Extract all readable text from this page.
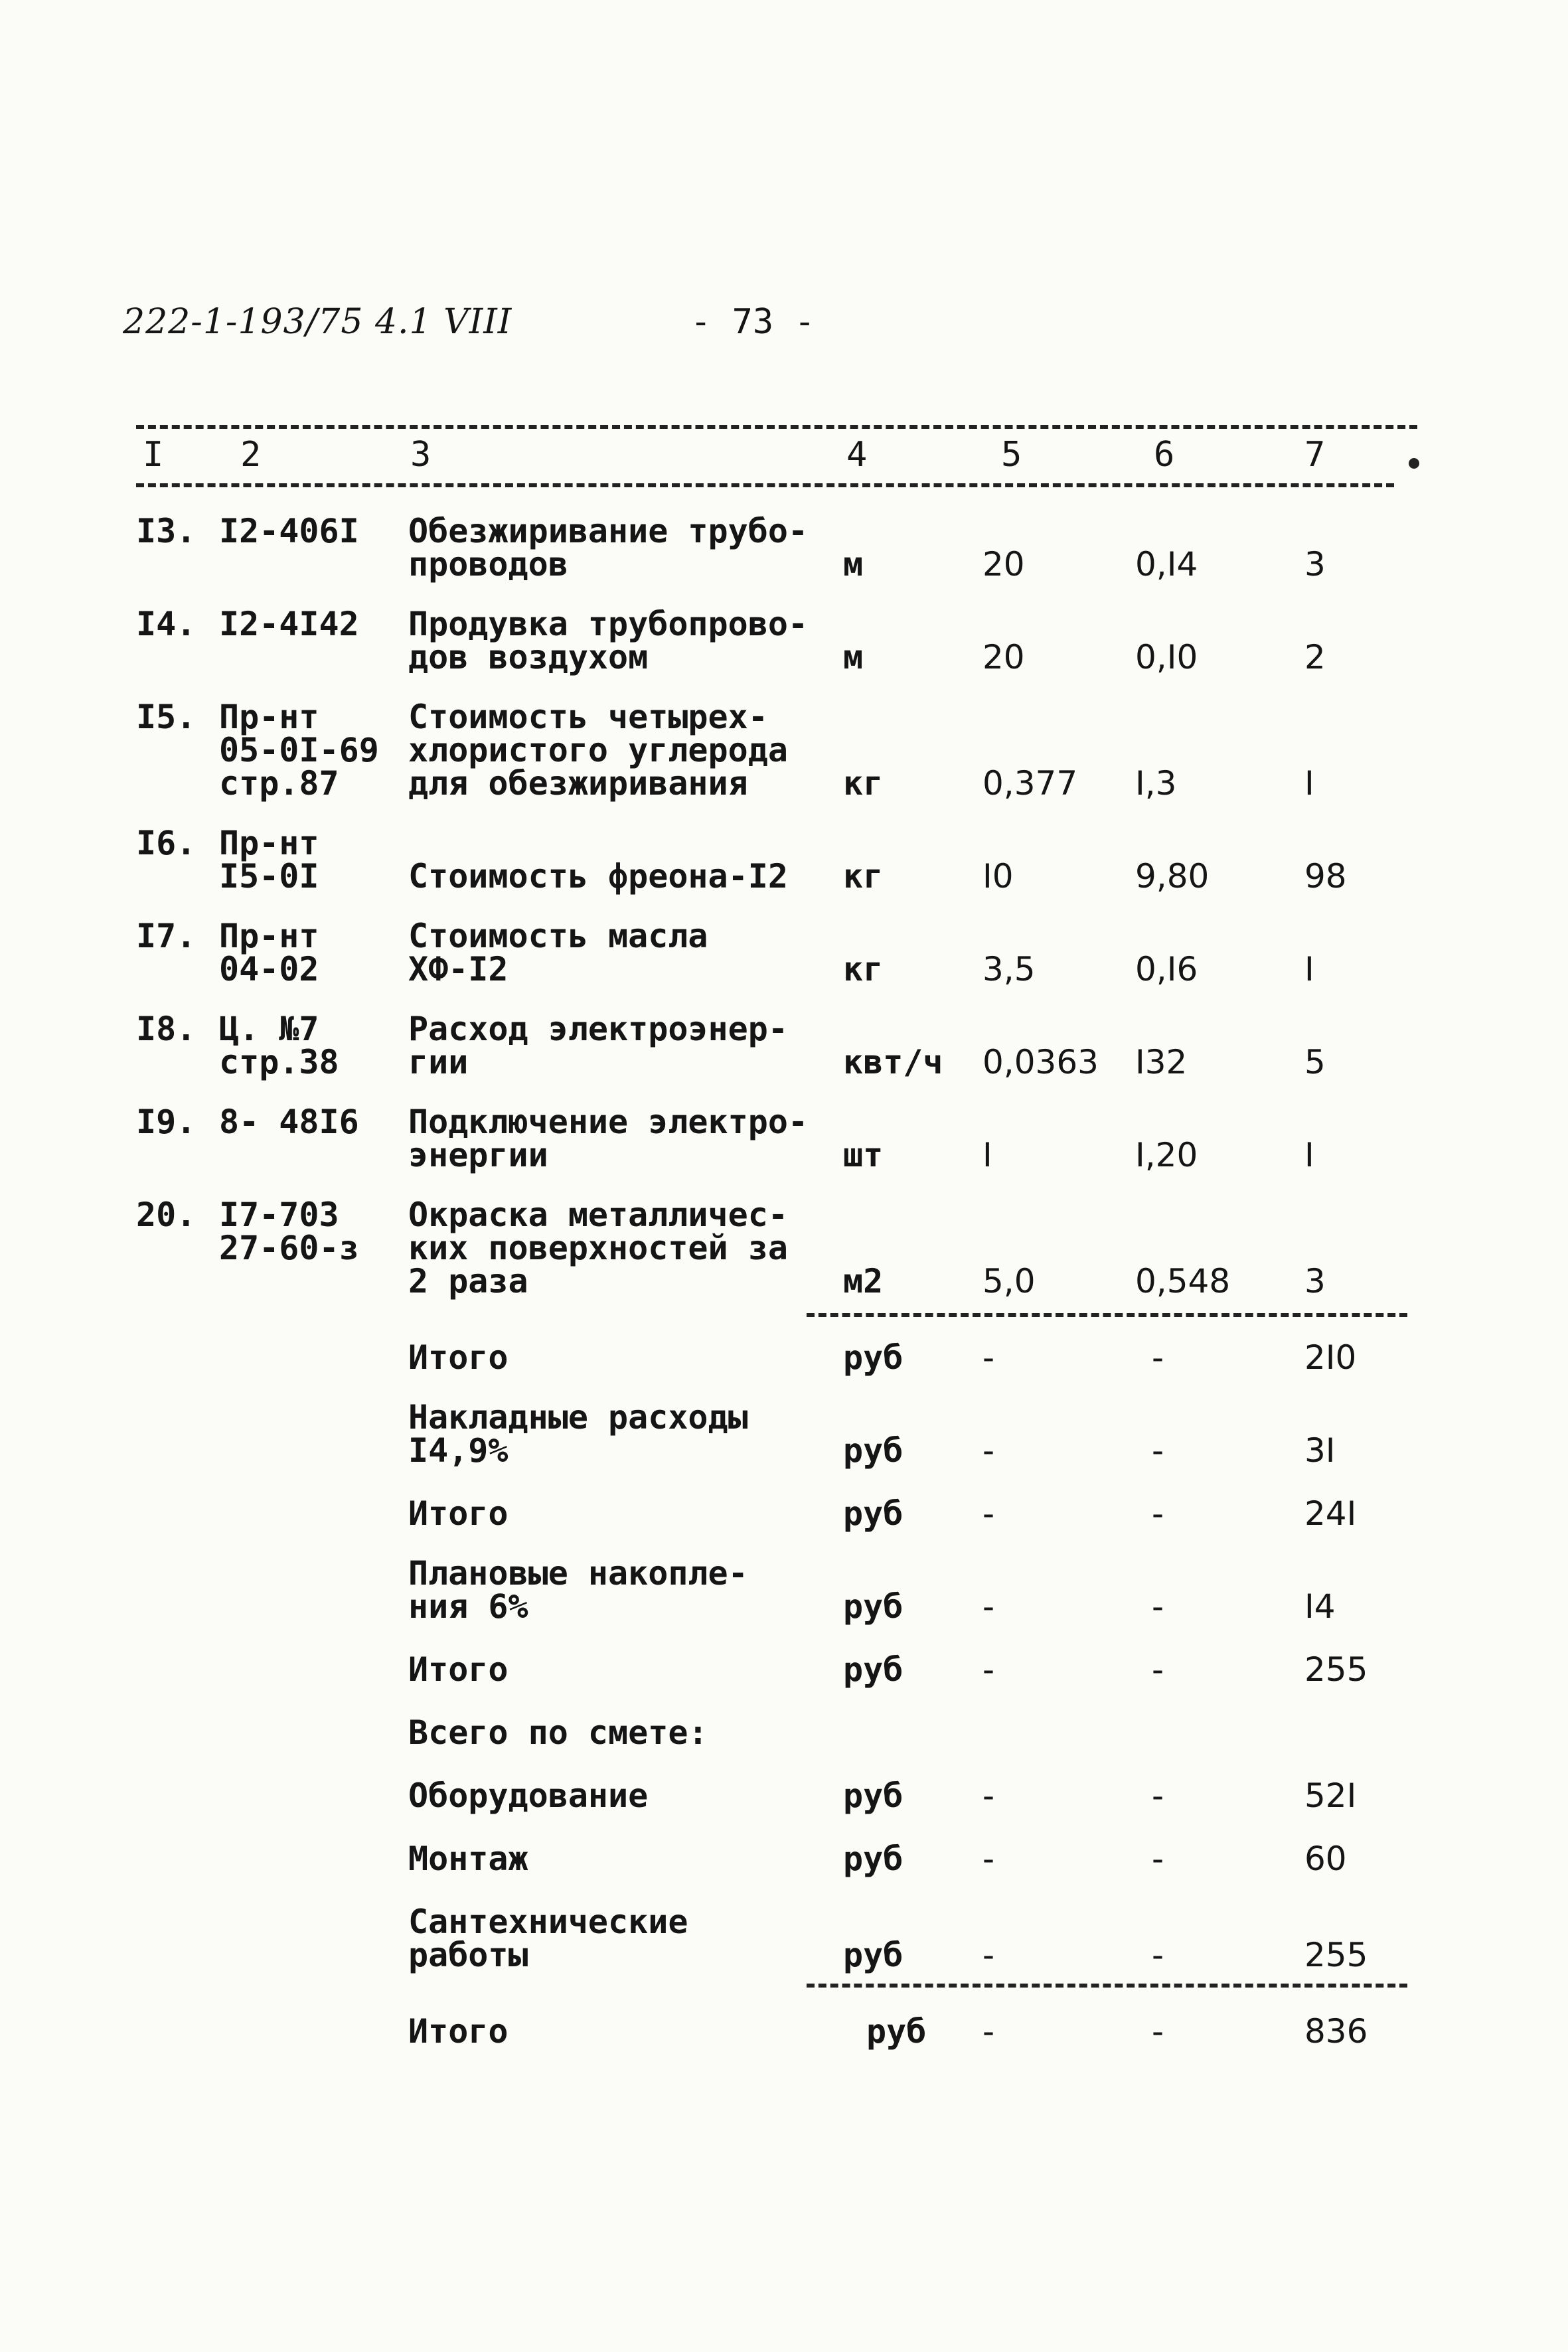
222-1-193/75 4.1 VIII	- 73 -
I 2	3	4	5	6	7
I3. I2-406I Обезжиривание трубо-
проводов	м	20	0,I4	3
I4. I2-4I42 Продувка трубопрово-
дов воздухом	м	20	0,I0	2
I5. Пр-нт
05-0I-69
стр.87
Стоимость четырех-
хлористого углерода
для обезжиривания	кг	0,377 I,3	I
I6. Пр-нт
I5-0I	Стоимость фреона-I2 кг	I0	9,80	98
I7. Пр-нт
04-02
Стоимость масла
ХФ-I2	кг	3,5	0,I6	I
I8. Ц. №7
стр.38
Расход электроэнер-
гии	квт/ч 0,0363 I32	5
I9. 8- 48I6 Подключение электро-
энергии	шт	I	I,20	I
20. I7-703
27-60-з
Окраска металличес-
ких поверхностей за
2 раза	м2	5,0	0,548 3
Итого	руб -	-	2I0
Накладные расходы
I4,9%	руб -	-	3I
Итого	руб -	-	24I
Плановые накопле-
ния 6%	руб -	-	I4
Итого	руб -	-	255
Всего по смете:
Оборудование	руб -	-	52I
Монтаж	руб -	-	60
Сантехнические
работы	руб -	-	255
Итого	руб -	-	836
